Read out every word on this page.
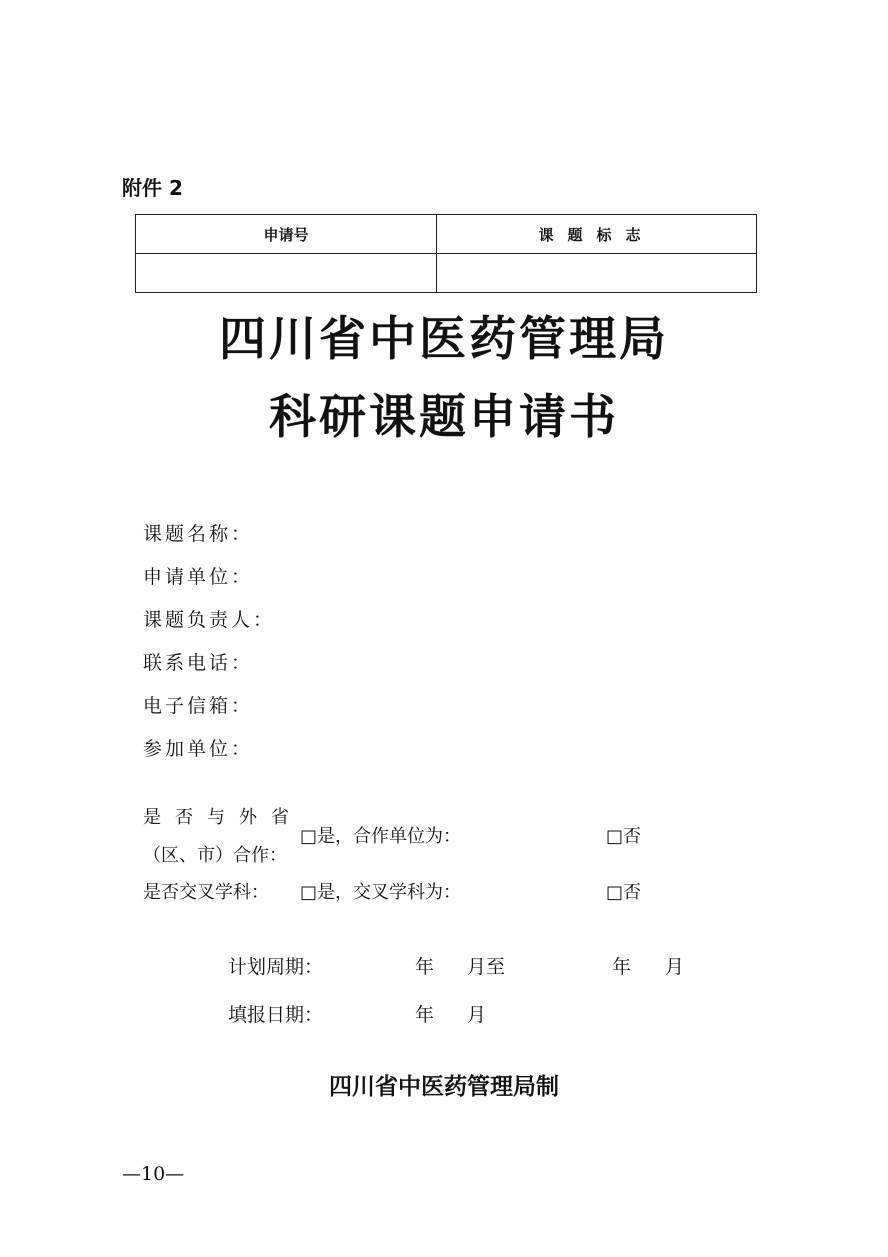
附件 2
申请号	课题标志

四川省中医药管理局
科研课题申请书
课题名称：
申请单位：
课题负责人：
联系电话：
电子信箱：
参加单位：
是否与外省
（区、市）合作：
□是，合作单位为：	□否
是否交叉学科： □是，交叉学科为：	□否
计划周期：	年 月至	年 月
填报日期：	年 月
四川省中医药管理局制
—10—
